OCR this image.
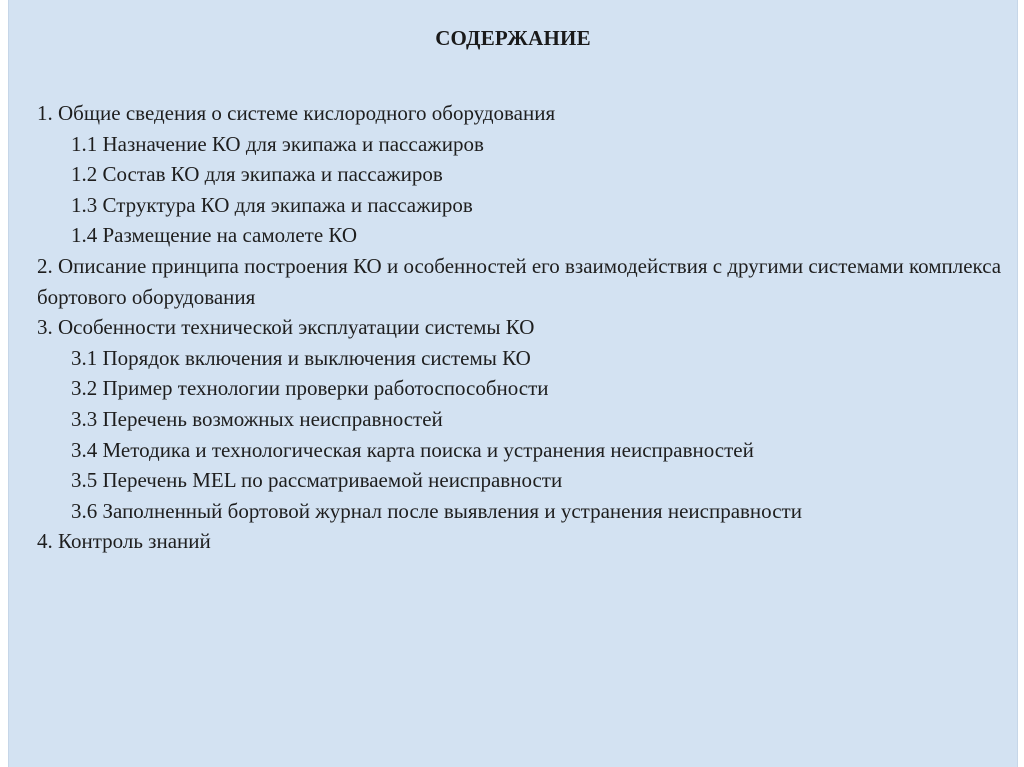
СОДЕРЖАНИЕ
1. Общие сведения о системе кислородного оборудования
1.1 Назначение КО для экипажа и пассажиров
1.2 Состав КО для экипажа и пассажиров
1.3 Структура КО для экипажа и пассажиров
1.4 Размещение на самолете КО
2. Описание принципа построения КО и особенностей его взаимодействия с другими системами комплекса бортового оборудования
3. Особенности технической эксплуатации системы КО
3.1 Порядок включения и выключения системы КО
3.2 Пример технологии проверки работоспособности
3.3 Перечень возможных неисправностей
3.4 Методика и технологическая карта поиска и устранения неисправностей
3.5 Перечень MEL по рассматриваемой неисправности
3.6 Заполненный бортовой журнал после выявления и устранения неисправности
4. Контроль знаний
